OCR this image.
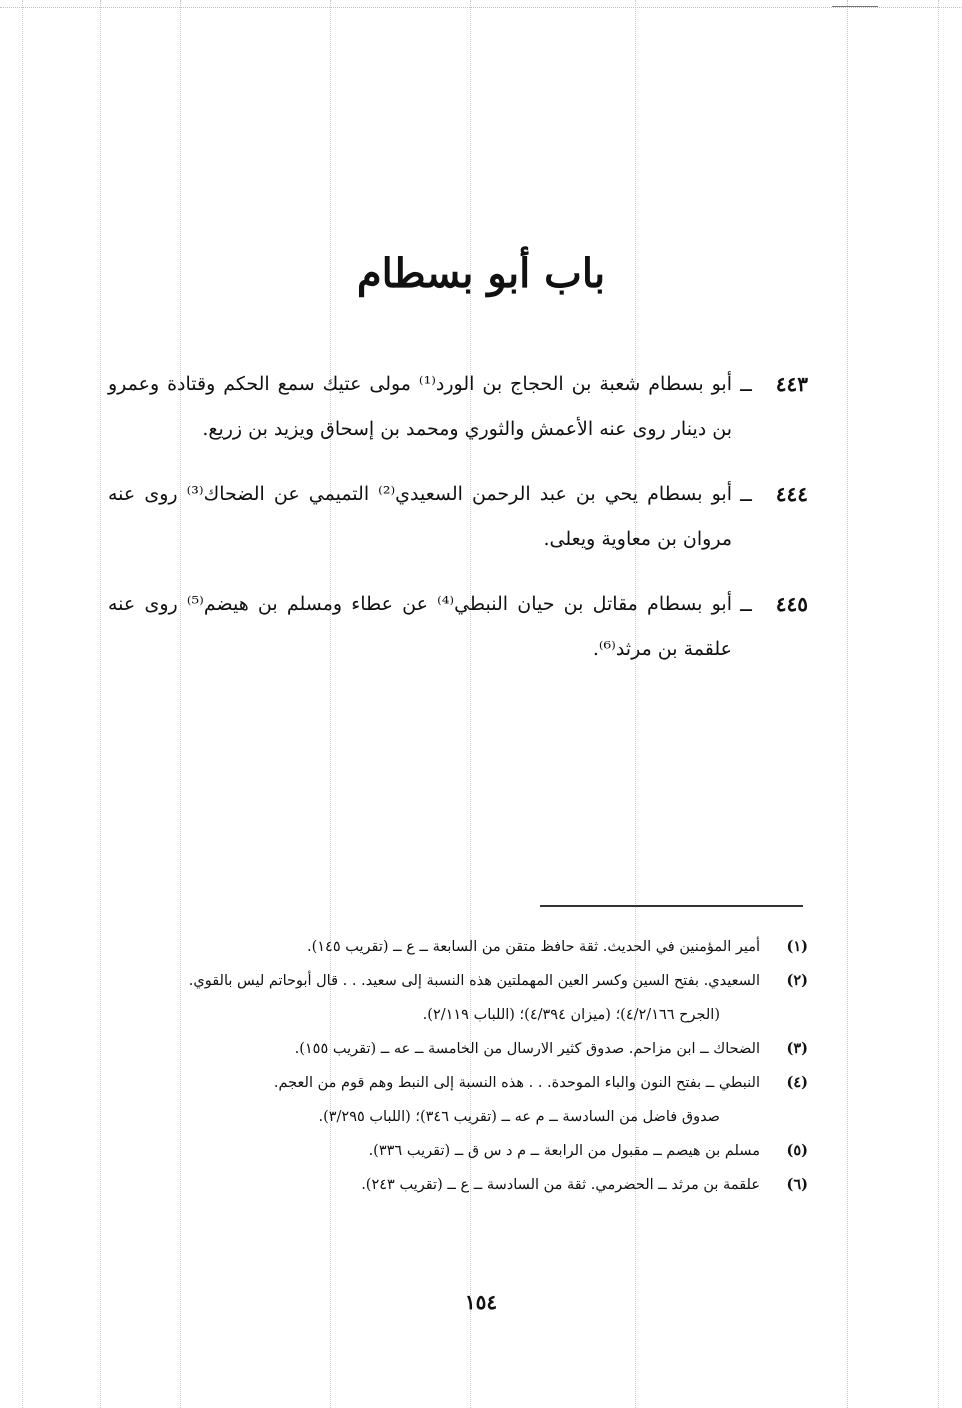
باب أبو بسطام
٤٤٣
ــ
أبو بسطام شعبة بن الحجاج بن الورد⁽¹⁾ مولى عتيك سمع الحكم وقتادة وعمرو بن دينار روى عنه الأعمش والثوري ومحمد بن إسحاق ويزيد بن زريع.
٤٤٤
ــ
أبو بسطام يحي بن عبد الرحمن السعيدي⁽²⁾ التميمي عن الضحاك⁽³⁾ روى عنه مروان بن معاوية ويعلى.
٤٤٥
ــ
أبو بسطام مقاتل بن حيان النبطي⁽⁴⁾ عن عطاء ومسلم بن هيضم⁽⁵⁾ روى عنه علقمة بن مرثد⁽⁶⁾.
(١)
أمير المؤمنين في الحديث. ثقة حافظ متقن من السابعة ــ ع ــ (تقريب ١٤٥).
(٢)
السعيدي. بفتح السين وكسر العين المهملتين هذه النسبة إلى سعيد. . . قال أبوحاتم ليس بالقوي.
(الجرح ٤/٢/١٦٦)؛ (ميزان ٤/٣٩٤)؛ (اللباب ٢/١١٩).
(٣)
الضحاك ــ ابن مزاحم. صدوق كثير الارسال من الخامسة ــ عه ــ (تقريب ١٥٥).
(٤)
النبطي ــ بفتح النون والباء الموحدة. . . هذه النسبة إلى النبط وهم قوم من العجم.
صدوق فاضل من السادسة ــ م عه ــ (تقريب ٣٤٦)؛ (اللباب ٣/٢٩٥).
(٥)
مسلم بن هيصم ــ مقبول من الرابعة ــ م د س ق ــ (تقريب ٣٣٦).
(٦)
علقمة بن مرثد ــ الحضرمي. ثقة من السادسة ــ ع ــ (تقريب ٢٤٣).
١٥٤
